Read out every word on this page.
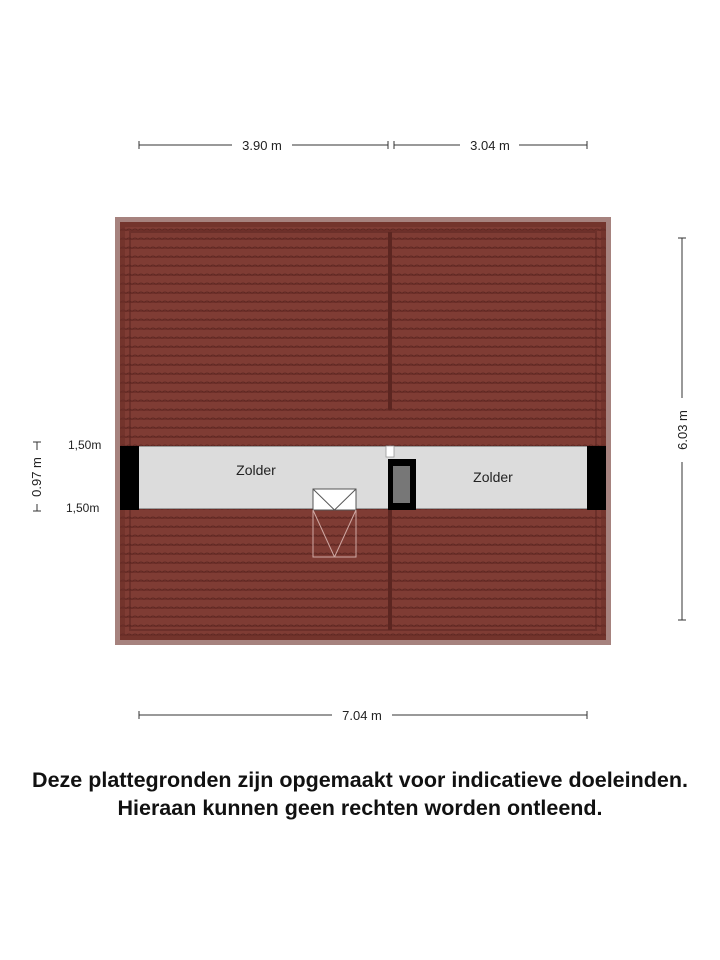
Zolder	Zolder
1,50m
1,50m
3.90 m	3.04 m
6.03 m
0.97 m
7.04 m
Deze plattegronden zijn opgemaakt voor indicatieve doeleinden.
Hieraan kunnen geen rechten worden ontleend.
